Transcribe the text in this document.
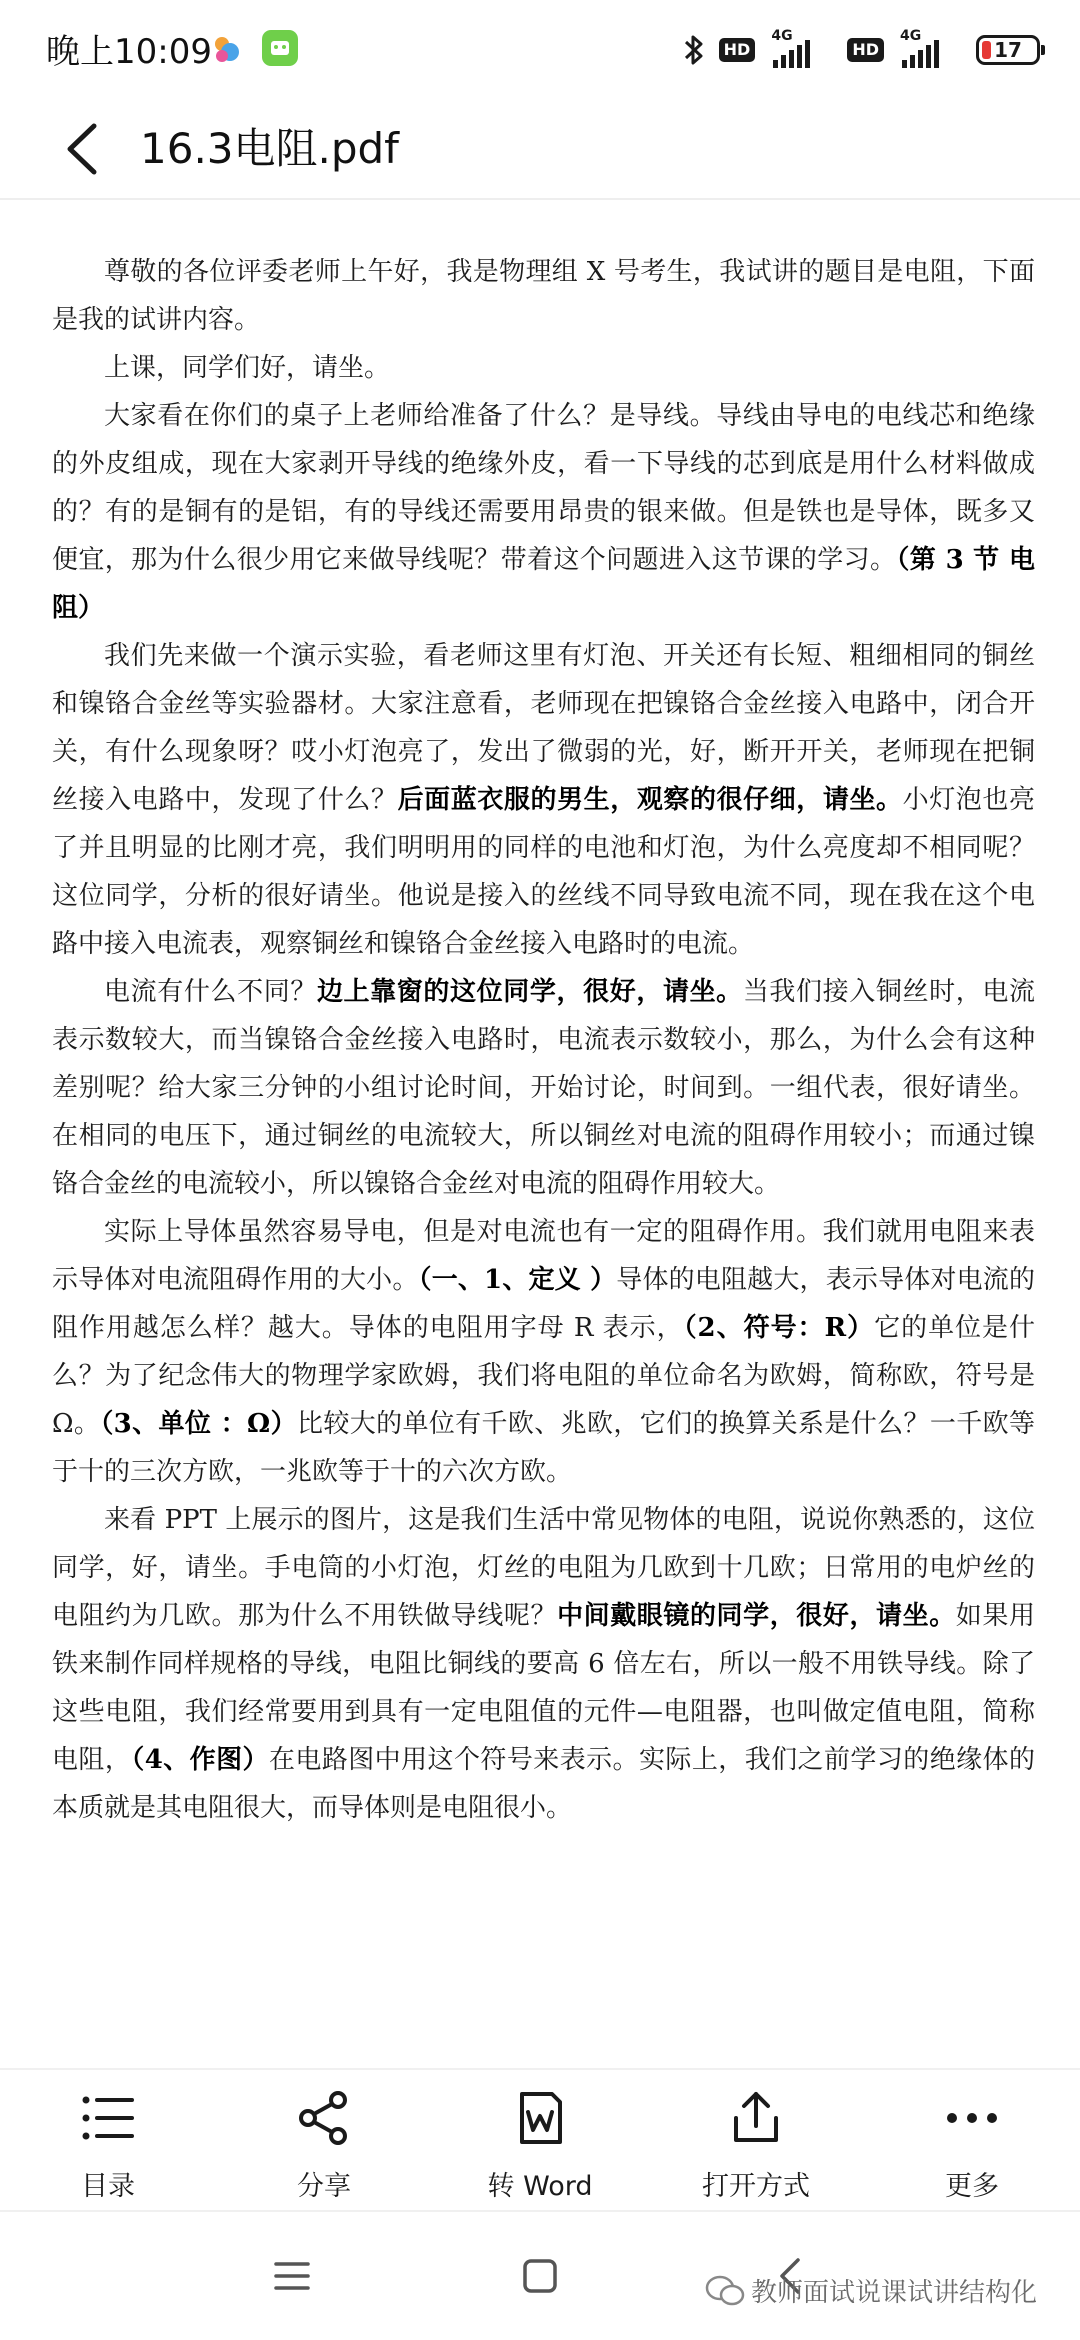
晚上10:09	HD
4G
HD
4G
17
16.3电阻.pdf

尊敬的各位评委老师上午好，我是物理组 X 号考生，我试讲的题目是电阻，下面是我的试讲内容。

上课，同学们好，请坐。

大家看在你们的桌子上老师给准备了什么？是导线。导线由导电的电线芯和绝缘的外皮组成，现在大家剥开导线的绝缘外皮，看一下导线的芯到底是用什么材料做成的？有的是铜有的是铝，有的导线还需要用昂贵的银来做。但是铁也是导体，既多又便宜，那为什么很少用它来做导线呢？带着这个问题进入这节课的学习。（第 3 节 电阻）

我们先来做一个演示实验，看老师这里有灯泡、开关还有长短、粗细相同的铜丝和镍铬合金丝等实验器材。大家注意看，老师现在把镍铬合金丝接入电路中，闭合开关，有什么现象呀？哎小灯泡亮了，发出了微弱的光，好，断开开关，老师现在把铜丝接入电路中，发现了什么？后面蓝衣服的男生，观察的很仔细，请坐。小灯泡也亮了并且明显的比刚才亮，我们明明用的同样的电池和灯泡，为什么亮度却不相同呢？这位同学，分析的很好请坐。他说是接入的丝线不同导致电流不同，现在我在这个电路中接入电流表，观察铜丝和镍铬合金丝接入电路时的电流。

电流有什么不同？边上靠窗的这位同学，很好，请坐。当我们接入铜丝时，电流表示数较大，而当镍铬合金丝接入电路时，电流表示数较小，那么，为什么会有这种差别呢？给大家三分钟的小组讨论时间，开始讨论，时间到。一组代表，很好请坐。在相同的电压下，通过铜丝的电流较大，所以铜丝对电流的阻碍作用较小；而通过镍铬合金丝的电流较小，所以镍铬合金丝对电流的阻碍作用较大。

实际上导体虽然容易导电，但是对电流也有一定的阻碍作用。我们就用电阻来表示导体对电流阻碍作用的大小。（一、1、定义 ）导体的电阻越大，表示导体对电流的阻作用越怎么样？越大。导体的电阻用字母 R 表示，（2、符号：R）它的单位是什么？为了纪念伟大的物理学家欧姆，我们将电阻的单位命名为欧姆，简称欧，符号是 Ω。（3、单位 ：Ω）比较大的单位有千欧、兆欧，它们的换算关系是什么？一千欧等于十的三次方欧，一兆欧等于十的六次方欧。

来看 PPT 上展示的图片，这是我们生活中常见物体的电阻，说说你熟悉的，这位同学，好，请坐。手电筒的小灯泡，灯丝的电阻为几欧到十几欧；日常用的电炉丝的电阻约为几欧。那为什么不用铁做导线呢？中间戴眼镜的同学，很好，请坐。如果用铁来制作同样规格的导线，电阻比铜线的要高 6 倍左右，所以一般不用铁导线。除了这些电阻，我们经常要用到具有一定电阻值的元件—电阻器，也叫做定值电阻，简称电阻，（4、作图）在电路图中用这个符号来表示。实际上，我们之前学习的绝缘体的本质就是其电阻很大，而导体则是电阻很小。

目录	分享	转 Word	打开方式	更多
教师面试说课试讲结构化
